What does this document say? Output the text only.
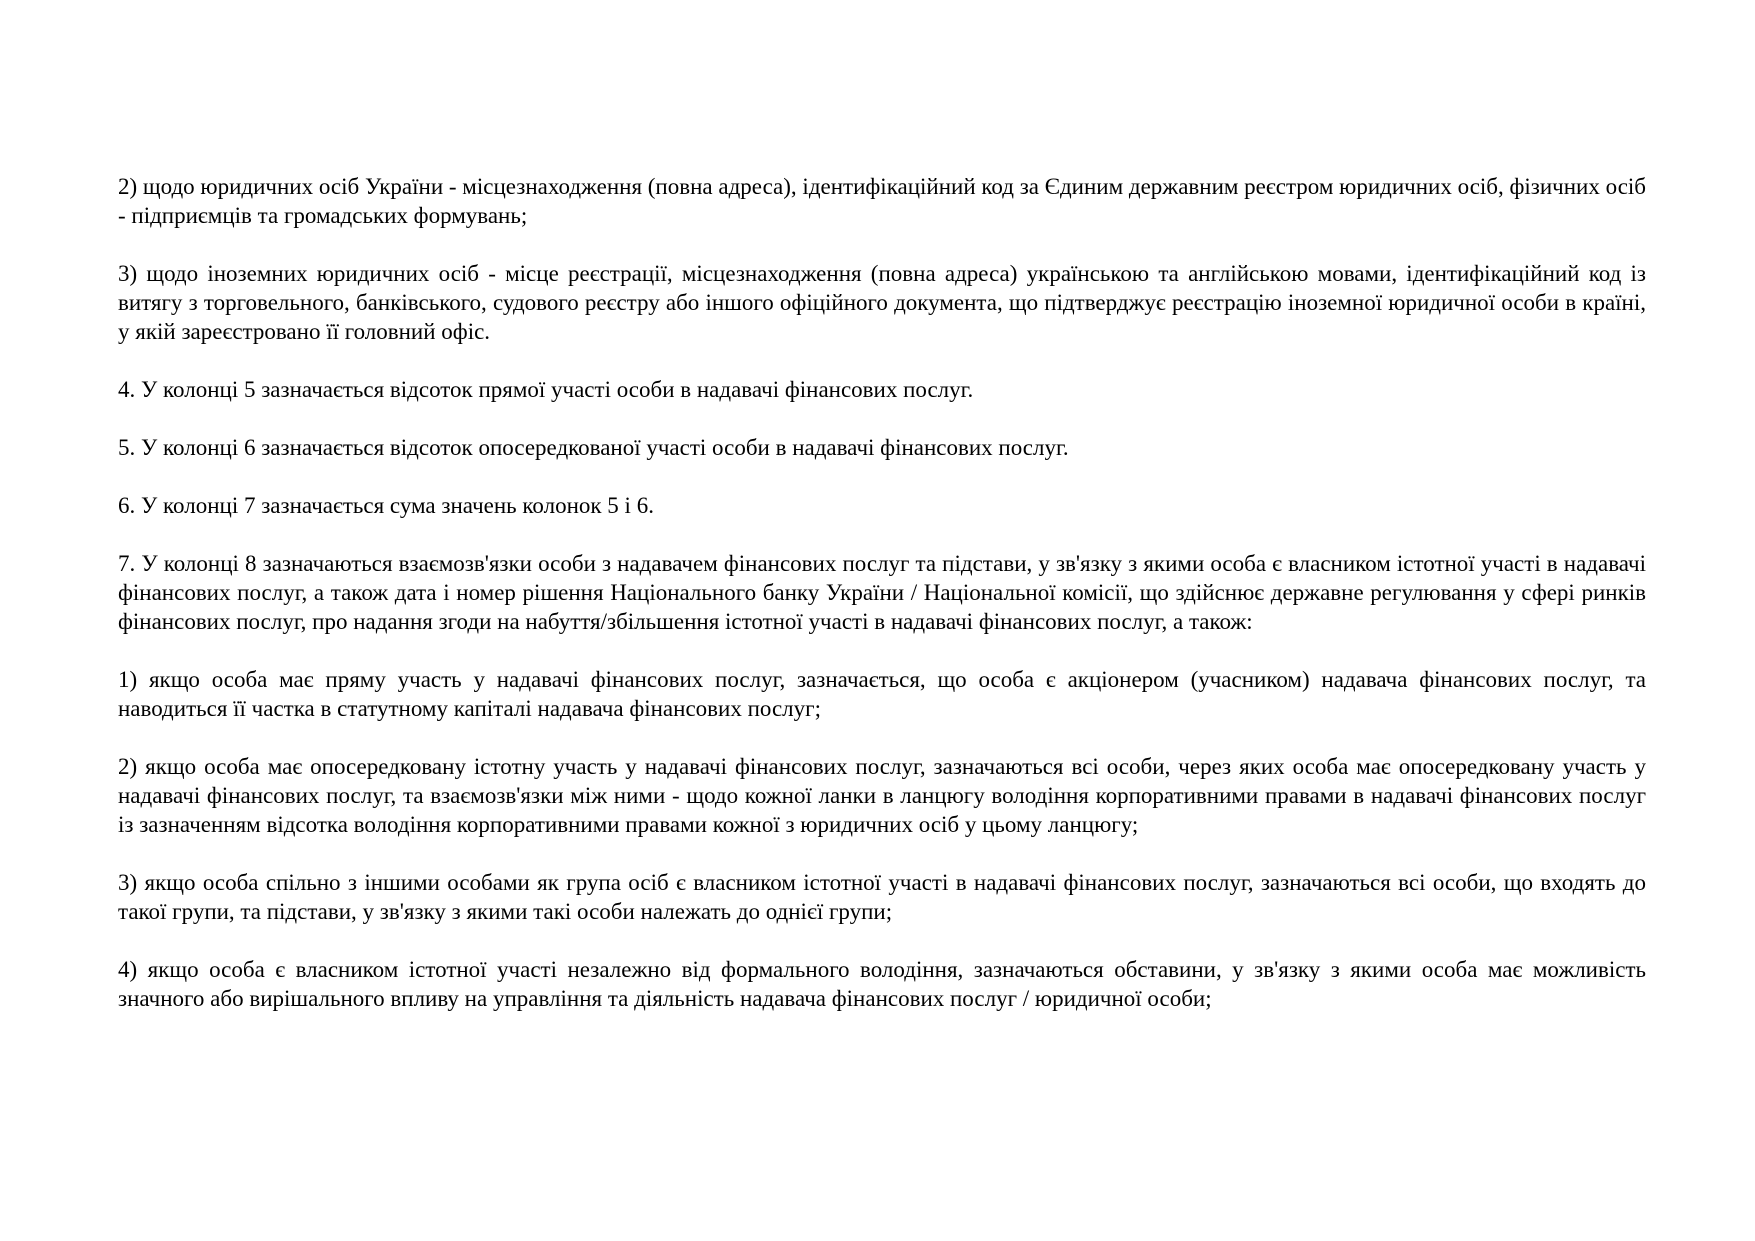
2) щодо юридичних осіб України - місцезнаходження (повна адреса), ідентифікаційний код за Єдиним державним реєстром юридичних осіб, фізичних осіб - підприємців та громадських формувань;

3) щодо іноземних юридичних осіб - місце реєстрації, місцезнаходження (повна адреса) українською та англійською мовами, ідентифікаційний код із витягу з торговельного, банківського, судового реєстру або іншого офіційного документа, що підтверджує реєстрацію іноземної юридичної особи в країні, у якій зареєстровано її головний офіс.

4. У колонці 5 зазначається відсоток прямої участі особи в надавачі фінансових послуг.

5. У колонці 6 зазначається відсоток опосередкованої участі особи в надавачі фінансових послуг.

6. У колонці 7 зазначається сума значень колонок 5 і 6.

7. У колонці 8 зазначаються взаємозв'язки особи з надавачем фінансових послуг та підстави, у зв'язку з якими особа є власником істотної участі в надавачі фінансових послуг, а також дата і номер рішення Національного банку України / Національної комісії, що здійснює державне регулювання у сфері ринків фінансових послуг, про надання згоди на набуття/збільшення істотної участі в надавачі фінансових послуг, а також:

1) якщо особа має пряму участь у надавачі фінансових послуг, зазначається, що особа є акціонером (учасником) надавача фінансових послуг, та наводиться її частка в статутному капіталі надавача фінансових послуг;

2) якщо особа має опосередковану істотну участь у надавачі фінансових послуг, зазначаються всі особи, через яких особа має опосередковану участь у надавачі фінансових послуг, та взаємозв'язки між ними - щодо кожної ланки в ланцюгу володіння корпоративними правами в надавачі фінансових послуг із зазначенням відсотка володіння корпоративними правами кожної з юридичних осіб у цьому ланцюгу;

3) якщо особа спільно з іншими особами як група осіб є власником істотної участі в надавачі фінансових послуг, зазначаються всі особи, що входять до такої групи, та підстави, у зв'язку з якими такі особи належать до однієї групи;

4) якщо особа є власником істотної участі незалежно від формального володіння, зазначаються обставини, у зв'язку з якими особа має можливість значного або вирішального впливу на управління та діяльність надавача фінансових послуг / юридичної особи;
